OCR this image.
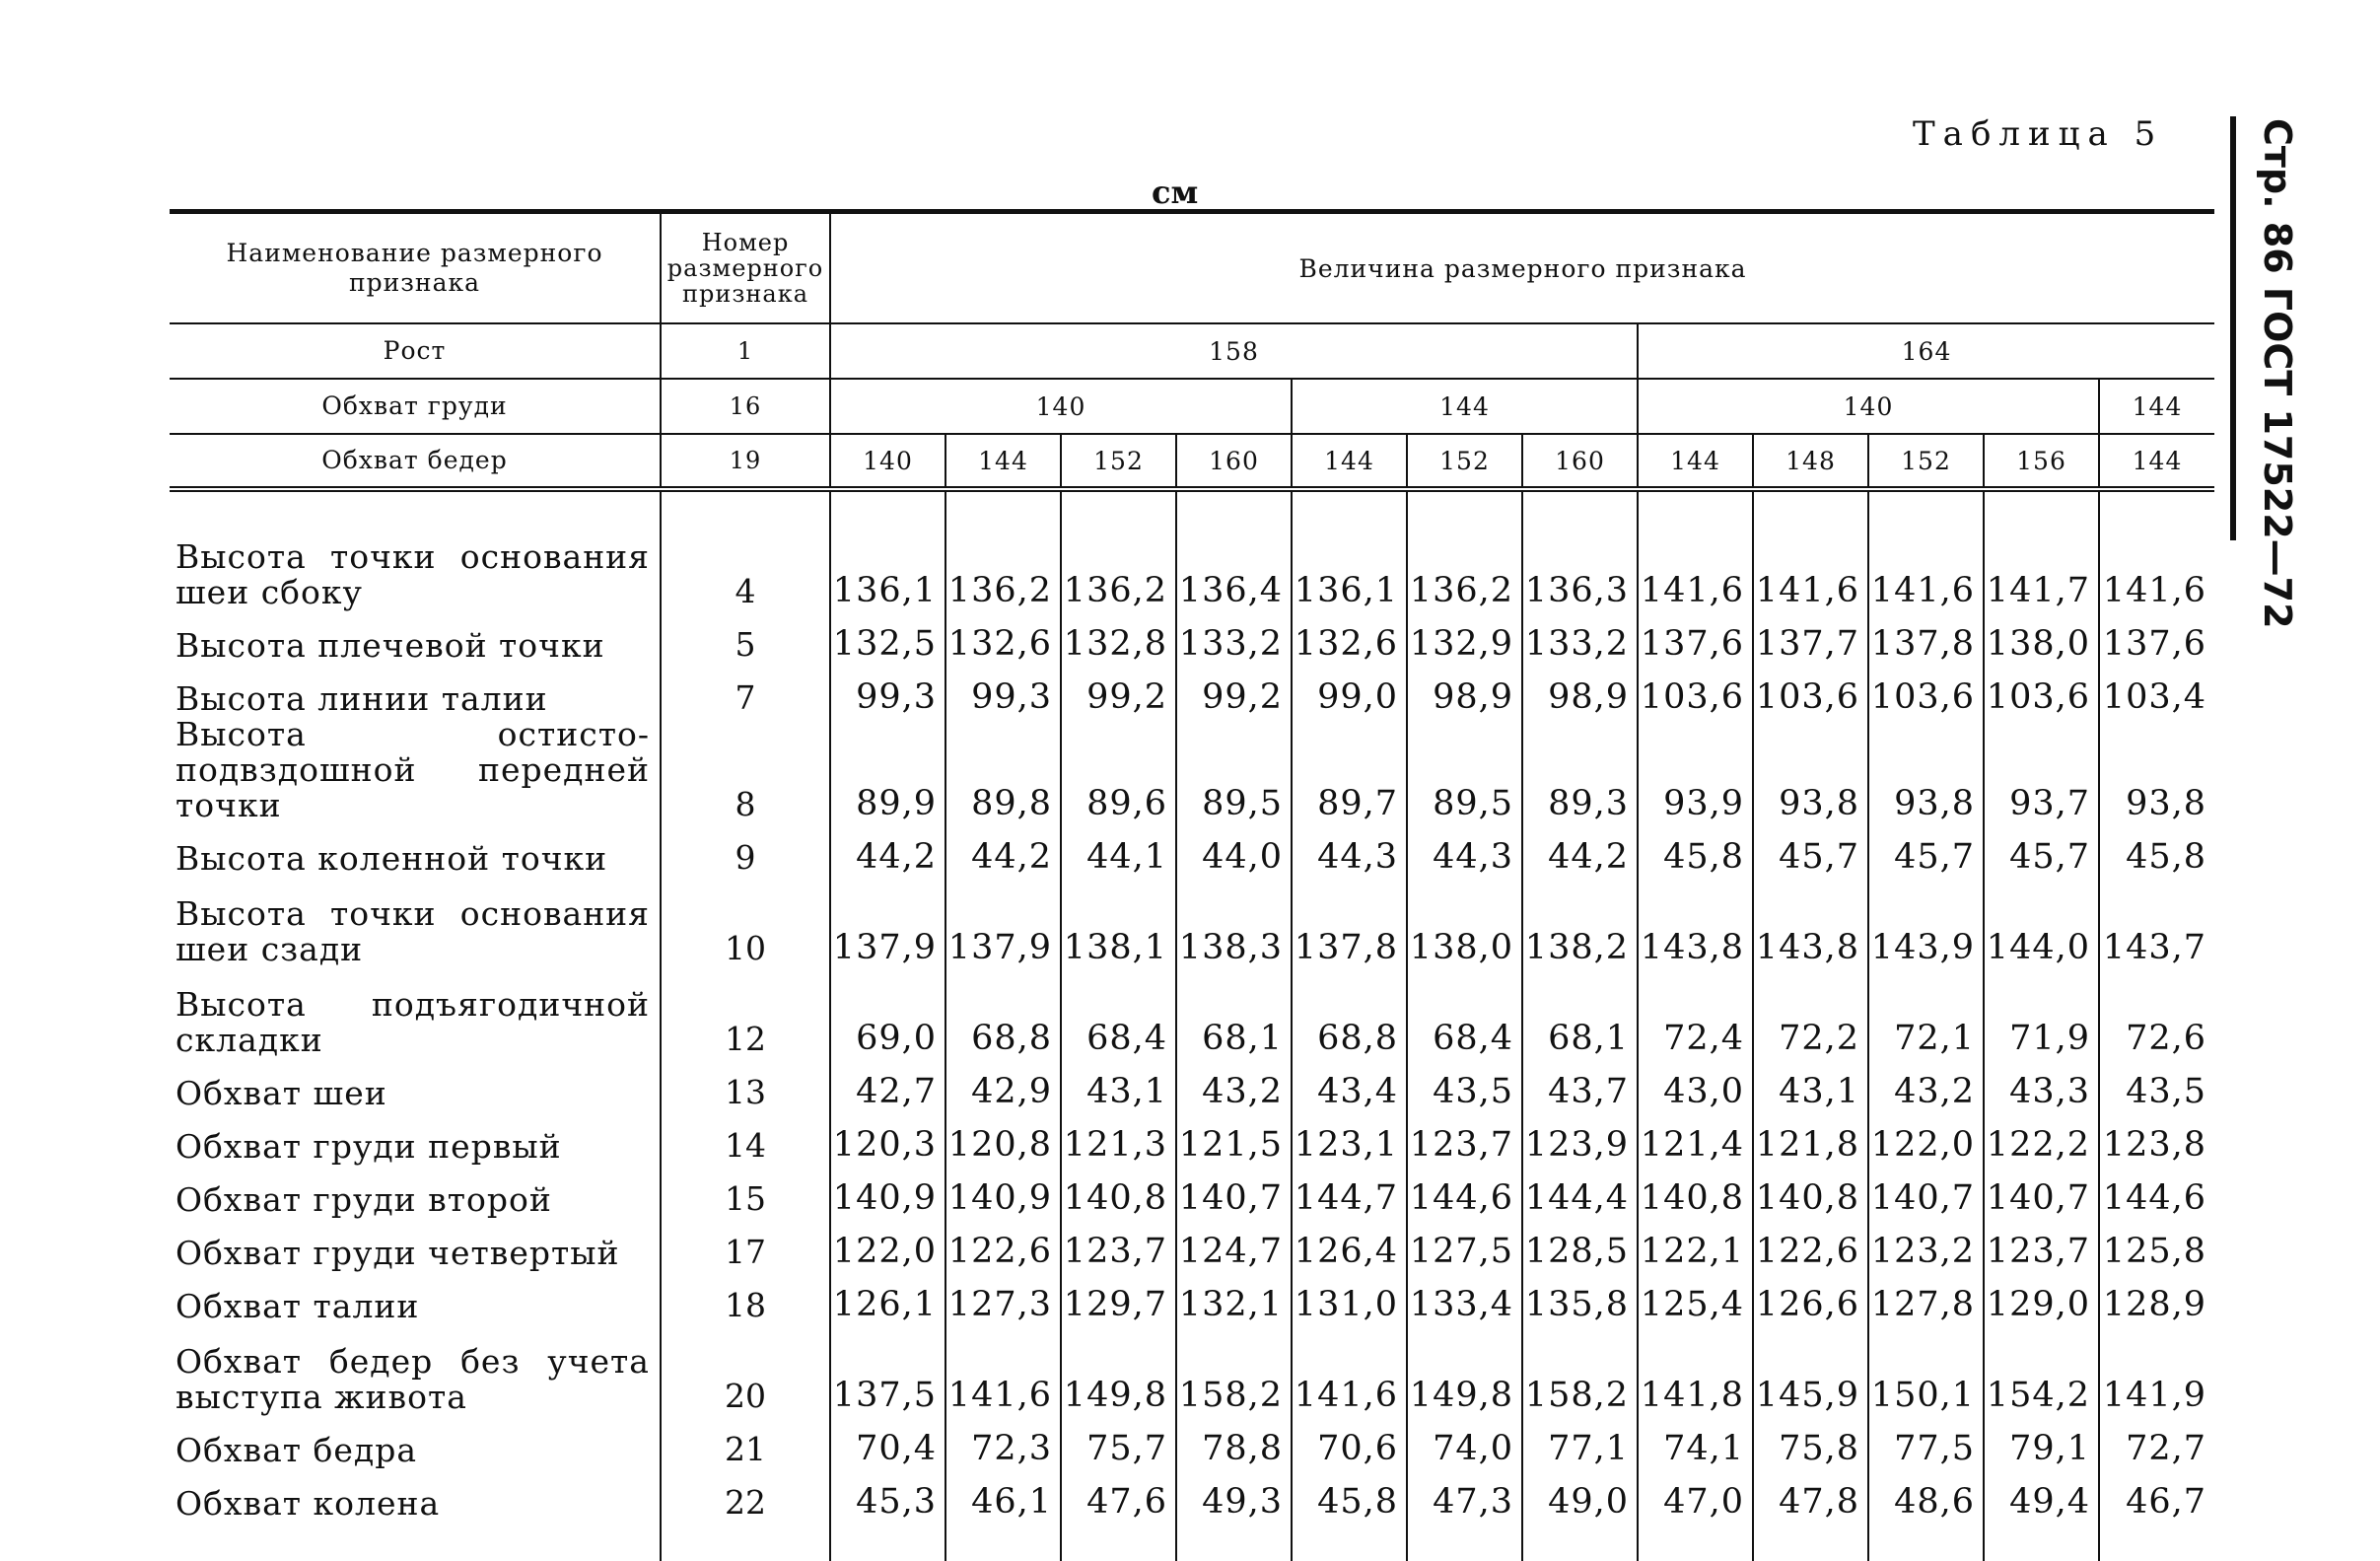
Таблица 5
см	Стр. 86 ГОСТ 17522—72
Наименование размерного признака	Номер размерного признака	Величина размерного признака											
Рост	1	158							164				
Обхват груди	16	140				144			140				144
Обхват бедер	19	140	144	152	160	144	152	160	144	148	152	156	144
Высота точки основания шеи сбоку	4	136,1	136,2	136,2	136,4	136,1	136,2	136,3	141,6	141,6	141,6	141,7	141,6
Высота плечевой точки	5	132,5	132,6	132,8	133,2	132,6	132,9	133,2	137,6	137,7	137,8	138,0	137,6
Высота линии талии	7	99,3	99,3	99,2	99,2	99,0	98,9	98,9	103,6	103,6	103,6	103,6	103,4
Высота остисто-подвздошной передней точки	8	89,9	89,8	89,6	89,5	89,7	89,5	89,3	93,9	93,8	93,8	93,7	93,8
Высота коленной точки	9	44,2	44,2	44,1	44,0	44,3	44,3	44,2	45,8	45,7	45,7	45,7	45,8
Высота точки основания шеи сзади	10	137,9	137,9	138,1	138,3	137,8	138,0	138,2	143,8	143,8	143,9	144,0	143,7
Высота подъягодичной складки	12	69,0	68,8	68,4	68,1	68,8	68,4	68,1	72,4	72,2	72,1	71,9	72,6
Обхват шеи	13	42,7	42,9	43,1	43,2	43,4	43,5	43,7	43,0	43,1	43,2	43,3	43,5
Обхват груди первый	14	120,3	120,8	121,3	121,5	123,1	123,7	123,9	121,4	121,8	122,0	122,2	123,8
Обхват груди второй	15	140,9	140,9	140,8	140,7	144,7	144,6	144,4	140,8	140,8	140,7	140,7	144,6
Обхват груди четвертый	17	122,0	122,6	123,7	124,7	126,4	127,5	128,5	122,1	122,6	123,2	123,7	125,8
Обхват талии	18	126,1	127,3	129,7	132,1	131,0	133,4	135,8	125,4	126,6	127,8	129,0	128,9
Обхват бедер без учета выступа живота	20	137,5	141,6	149,8	158,2	141,6	149,8	158,2	141,8	145,9	150,1	154,2	141,9
Обхват бедра	21	70,4	72,3	75,7	78,8	70,6	74,0	77,1	74,1	75,8	77,5	79,1	72,7
Обхват колена	22	45,3	46,1	47,6	49,3	45,8	47,3	49,0	47,0	47,8	48,6	49,4	46,7
